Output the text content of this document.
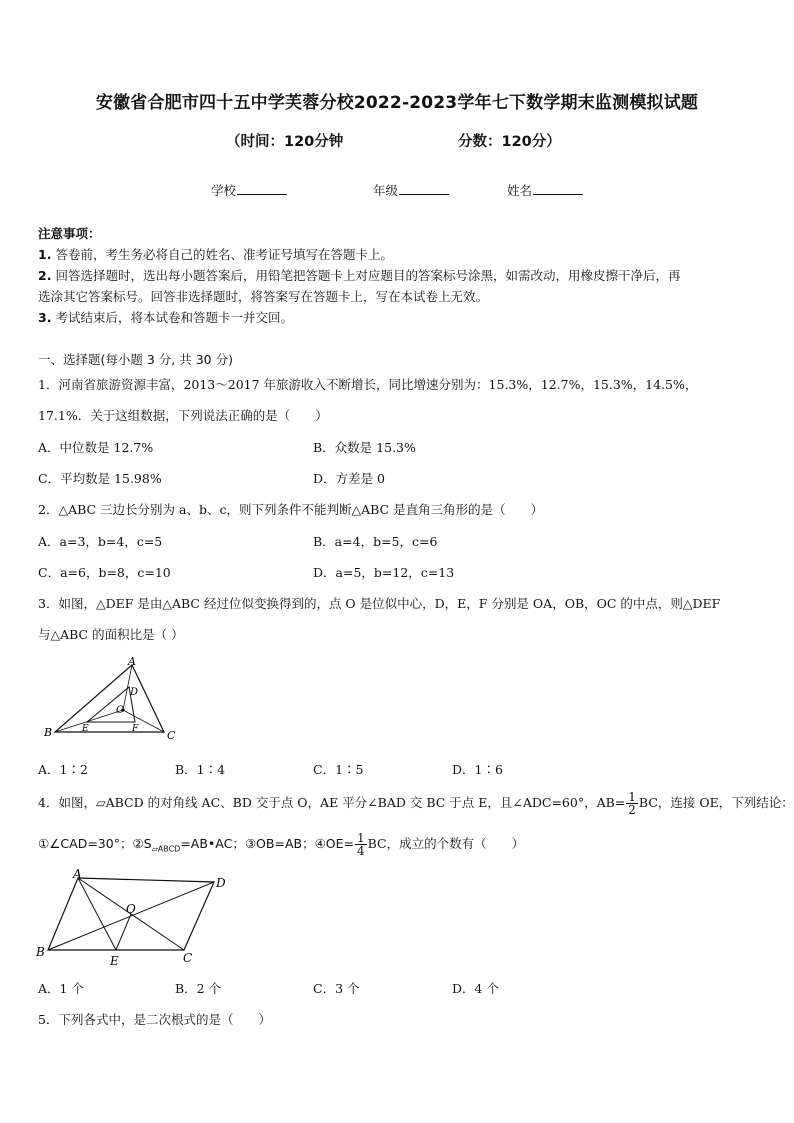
安徽省合肥市四十五中学芙蓉分校2022-2023学年七下数学期末监测模拟试题
（时间：120分钟	分数：120分）
学校	年级	姓名
注意事项：
1. 答卷前，考生务必将自己的姓名、准考证号填写在答题卡上。
2. 回答选择题时，选出每小题答案后，用铅笔把答题卡上对应题目的答案标号涂黑，如需改动，用橡皮擦干净后，再
选涂其它答案标号。回答非选择题时，将答案写在答题卡上，写在本试卷上无效。
3. 考试结束后，将本试卷和答题卡一并交回。
一、选择题(每小题 3 分, 共 30 分)
1．河南省旅游资源丰富，2013～2017 年旅游收入不断增长，同比增速分别为：15.3%，12.7%，15.3%，14.5%，
17.1%．关于这组数据，下列说法正确的是（　　）
A．中位数是 12.7%	B．众数是 15.3%
C．平均数是 15.98%	D．方差是 0
2．△ABC 三边长分别为 a、b、c，则下列条件不能判断△ABC 是直角三角形的是（　　）
A．a=3，b=4，c=5	B．a=4，b=5，c=6
C．a=6，b=8，c=10	D．a=5，b=12，c=13
3．如图，△DEF 是由△ABC 经过位似变换得到的，点 O 是位似中心，D，E，F 分别是 OA，OB，OC 的中点，则△DEF
与△ABC 的面积比是（ ）
A
B	C
D
E	F
O
A．1∶2	B．1∶4	C．1∶5	D．1∶6
4．如图，▱ABCD 的对角线 AC、BD 交于点 O，AE 平分∠BAD 交 BC 于点 E，且∠ADC=60°，$AB= \frac{1}{2}$ BC，连接 OE，下列结论：
①∠CAD=30°；$②S_{▱ABCD}=AB•AC$；③OB=AB；④OE= $\frac{1}{4}$ BC，成立的个数有（　　）
A
B	C
D
E
O
A．1 个	B．2 个	C．3 个	D．4 个
5．下列各式中，是二次根式的是（　　）
